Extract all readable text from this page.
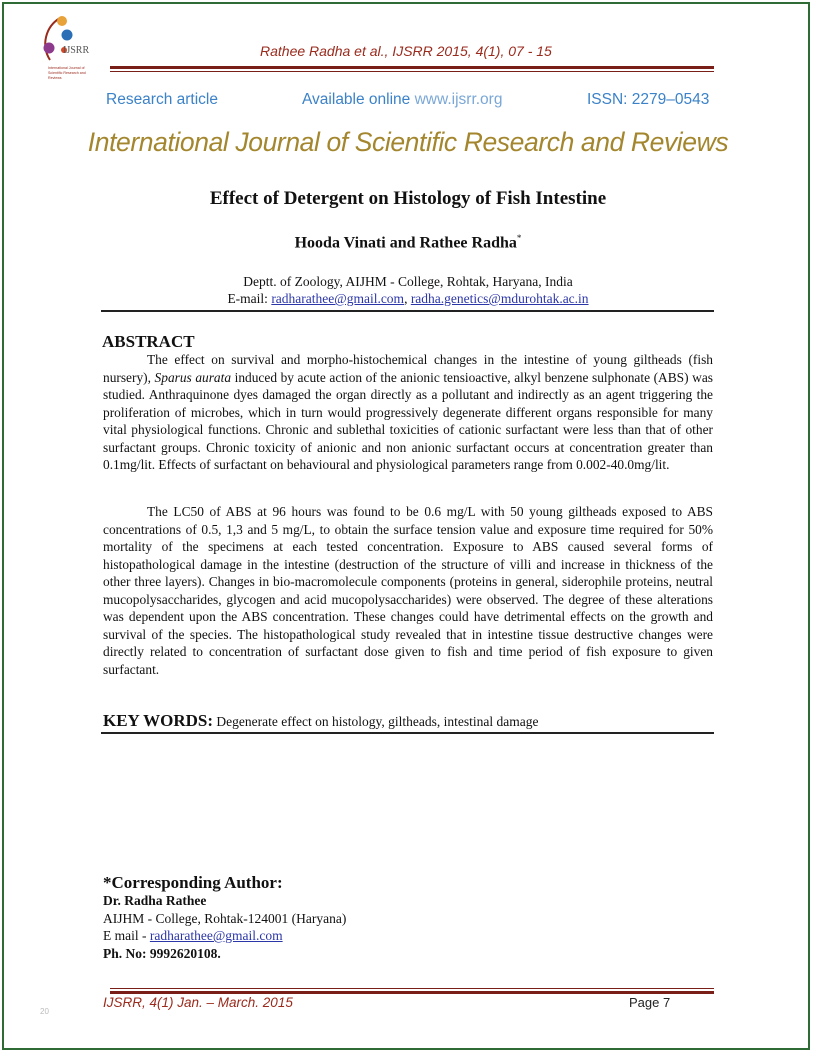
IJSRR
International Journal of
Scientific Research and
Reviews
Rathee Radha et al., IJSRR 2015, 4(1), 07 - 15
Research article	Available online www.ijsrr.org	ISSN: 2279–0543
International Journal of Scientific Research and Reviews
Effect of Detergent on Histology of Fish Intestine
Hooda Vinati and Rathee Radha*
Deptt. of Zoology, AIJHM - College, Rohtak, Haryana, India
E-mail: radharathee@gmail.com, radha.genetics@mdurohtak.ac.in
ABSTRACT
The effect on survival and morpho-histochemical changes in the intestine of young giltheads (fish nursery), Sparus aurata induced by acute action of the anionic tensioactive, alkyl benzene sulphonate (ABS) was studied. Anthraquinone dyes damaged the organ directly as a pollutant and indirectly as an agent triggering the proliferation of microbes, which in turn would progressively degenerate different organs responsible for many vital physiological functions. Chronic and sublethal toxicities of cationic surfactant were less than that of other surfactant groups. Chronic toxicity of anionic and non anionic surfactant occurs at concentration greater than 0.1mg/lit. Effects of surfactant on behavioural and physiological parameters range from 0.002-40.0mg/lit.
The LC50 of ABS at 96 hours was found to be 0.6 mg/L with 50 young giltheads exposed to ABS concentrations of 0.5, 1,3 and 5 mg/L, to obtain the surface tension value and exposure time required for 50% mortality of the specimens at each tested concentration. Exposure to ABS caused several forms of histopathological damage in the intestine (destruction of the structure of villi and increase in thickness of the other three layers). Changes in bio-macromolecule components (proteins in general, siderophile proteins, neutral mucopolysaccharides, glycogen and acid mucopolysaccharides) were observed. The degree of these alterations was dependent upon the ABS concentration. These changes could have detrimental effects on the growth and survival of the species. The histopathological study revealed that in intestine tissue destructive changes were directly related to concentration of surfactant dose given to fish and time period of fish exposure to given surfactant.
KEY WORDS: Degenerate effect on histology, giltheads, intestinal damage
*Corresponding Author:
Dr. Radha Rathee
AIJHM - College, Rohtak-124001 (Haryana)
E mail - radharathee@gmail.com
Ph. No: 9992620108.
IJSRR, 4(1) Jan. – March. 2015	Page 7
20
